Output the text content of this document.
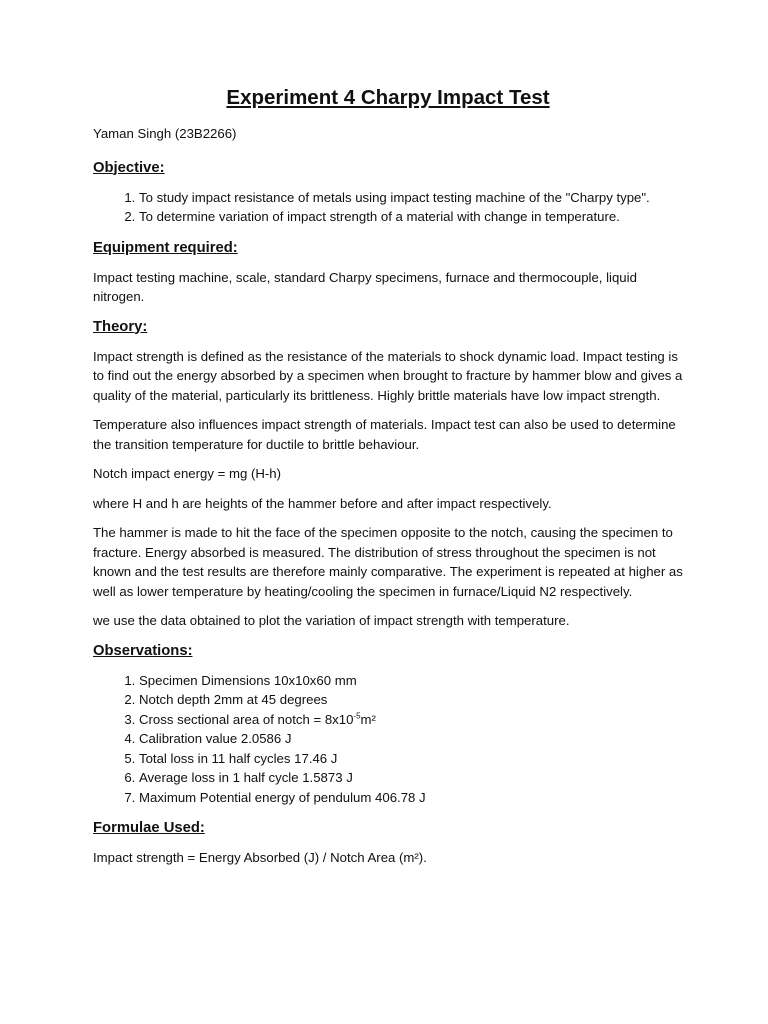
Experiment 4 Charpy Impact Test
Yaman Singh (23B2266)
Objective:
1. To study impact resistance of metals using impact testing machine of the "Charpy type".
2. To determine variation of impact strength of a material with change in temperature.
Equipment required:

Impact testing machine, scale, standard Charpy specimens, furnace and thermocouple, liquid nitrogen.

Theory:

Impact strength is defined as the resistance of the materials to shock dynamic load. Impact testing is to find out the energy absorbed by a specimen when brought to fracture by hammer blow and gives a quality of the material, particularly its brittleness. Highly brittle materials have low impact strength.

Temperature also influences impact strength of materials. Impact test can also be used to determine the transition temperature for ductile to brittle behaviour.

Notch impact energy = mg (H-h)

where H and h are heights of the hammer before and after impact respectively.

The hammer is made to hit the face of the specimen opposite to the notch, causing the specimen to fracture. Energy absorbed is measured. The distribution of stress throughout the specimen is not known and the test results are therefore mainly comparative. The experiment is repeated at higher as well as lower temperature by heating/cooling the specimen in furnace/Liquid N2 respectively.

we use the data obtained to plot the variation of impact strength with temperature.

Observations:
1. Specimen Dimensions 10x10x60 mm
2. Notch depth 2mm at 45 degrees
3. Cross sectional area of notch = $8x10^{-5}m^2$
4. Calibration value 2.0586 J
5. Total loss in 11 half cycles 17.46 J
6. Average loss in 1 half cycle 1.5873 J
7. Maximum Potential energy of pendulum 406.78 J
Formulae Used:

Impact strength = Energy Absorbed (J) / Notch Area (m²).
